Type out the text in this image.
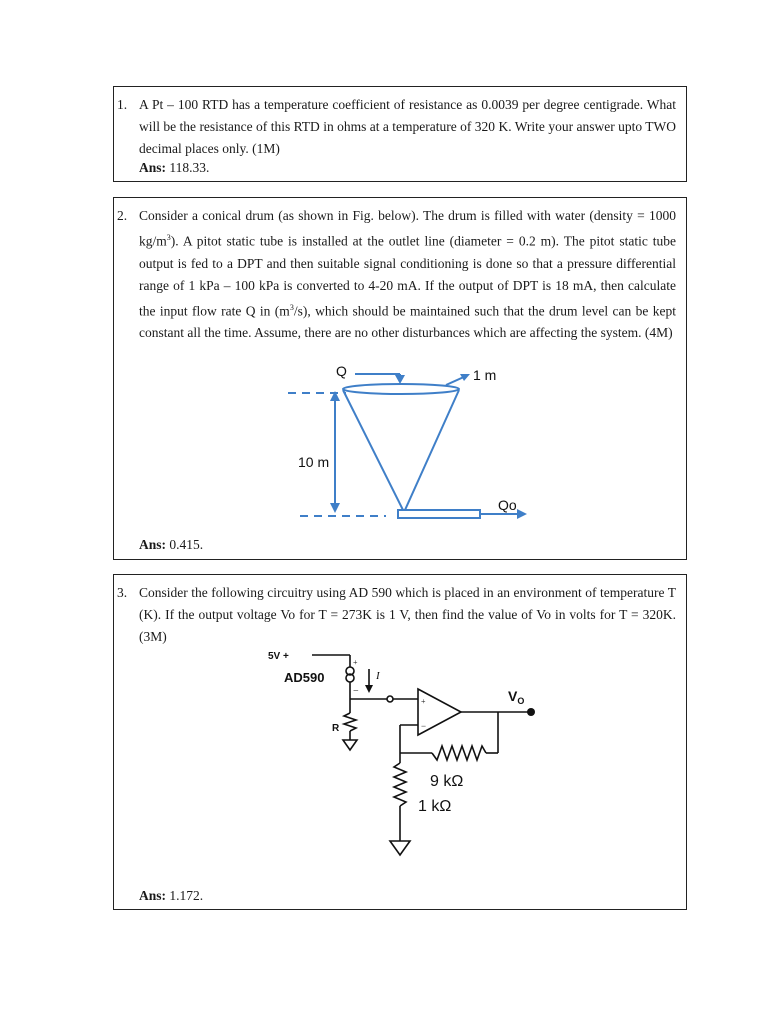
1. A Pt – 100 RTD has a temperature coefficient of resistance as 0.0039 per degree centigrade. What will be the resistance of this RTD in ohms at a temperature of 320 K. Write your answer upto TWO decimal places only. (1M)

Ans: 118.33.
2. Consider a conical drum (as shown in Fig. below). The drum is filled with water (density = 1000 $kg/m^3$). A pitot static tube is installed at the outlet line (diameter = 0.2 m). The pitot static tube output is fed to a DPT and then suitable signal conditioning is done so that a pressure differential range of 1 kPa – 100 kPa is converted to 4-20 mA. If the output of DPT is 18 mA, then calculate the input flow rate Q in $(m^3/s)$, which should be maintained such that the drum level can be kept constant all the time. Assume, there are no other disturbances which are affecting the system. (4M)

Q	1 m
10 m
Qo
Ans: 0.415.
3. Consider the following circuitry using AD 590 which is placed in an environment of temperature T (K). If the output voltage Vo for T = 273K is 1 V, then find the value of Vo in volts for T = 320K. (3M)

5V +
AD590
+
−
I
R
+
−
$V_O$
9 kΩ
1 kΩ
Ans: 1.172.
